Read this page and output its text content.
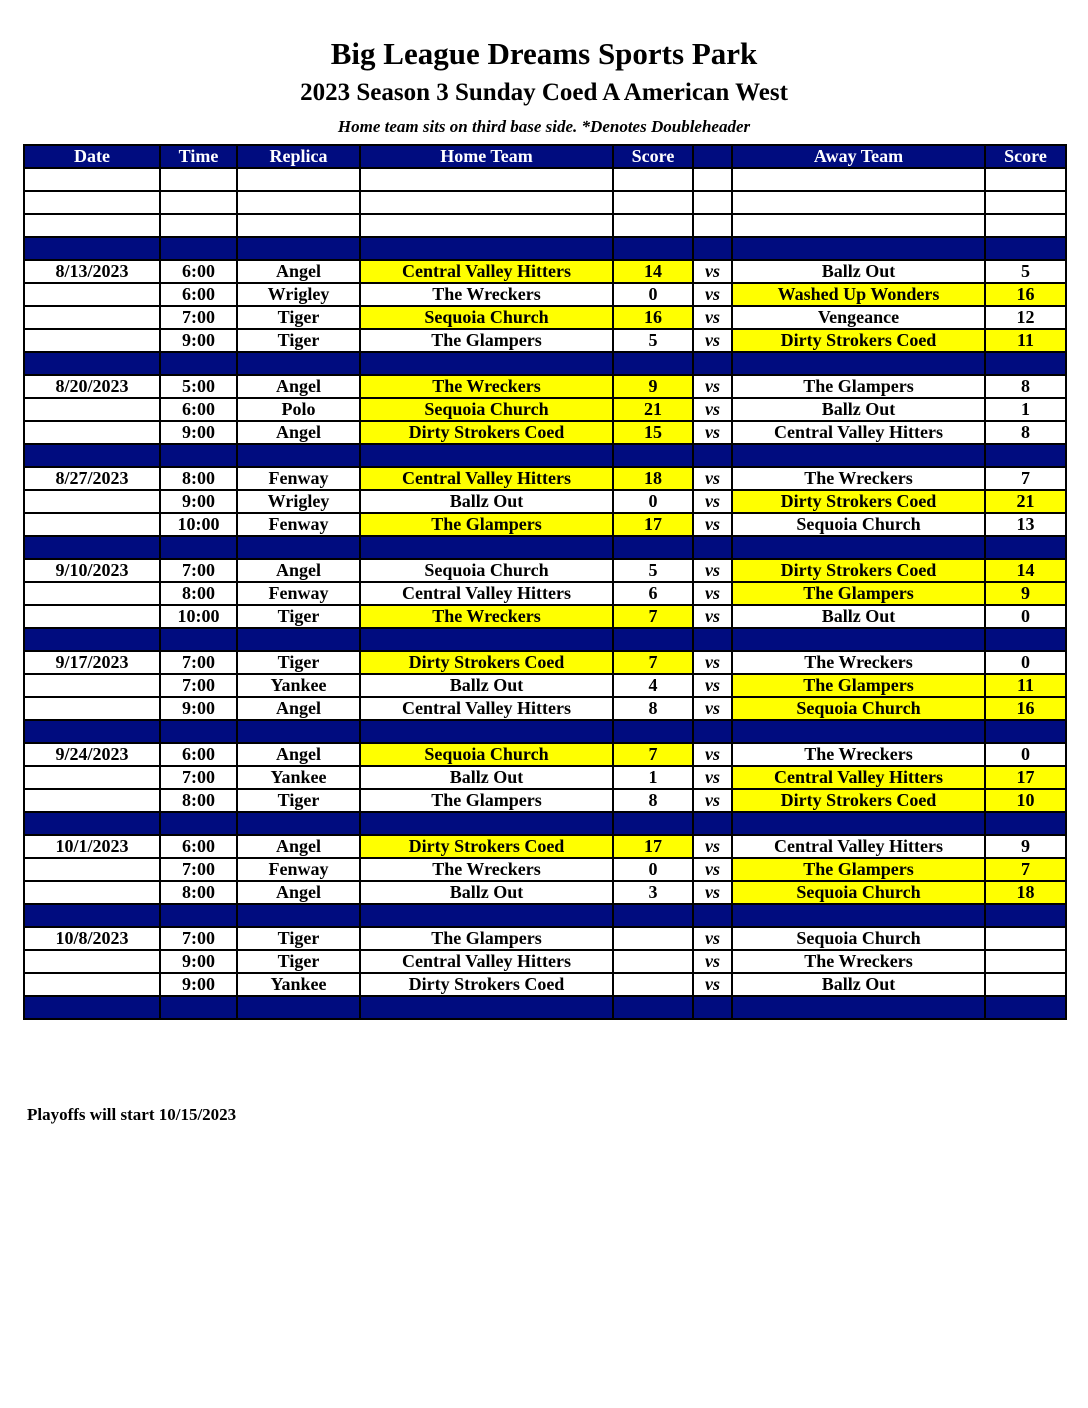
Big League Dreams Sports Park
2023 Season 3 Sunday Coed A American West
Home team sits on third base side. *Denotes Doubleheader
Date	Time	Replica	Home Team	Score		Away Team	Score

8/13/2023	6:00	Angel	Central Valley Hitters	14	vs	Ballz Out	5
	6:00	Wrigley	The Wreckers	0	vs	Washed Up Wonders	16
	7:00	Tiger	Sequoia Church	16	vs	Vengeance	12
	9:00	Tiger	The Glampers	5	vs	Dirty Strokers Coed	11

8/20/2023	5:00	Angel	The Wreckers	9	vs	The Glampers	8
	6:00	Polo	Sequoia Church	21	vs	Ballz Out	1
	9:00	Angel	Dirty Strokers Coed	15	vs	Central Valley Hitters	8

8/27/2023	8:00	Fenway	Central Valley Hitters	18	vs	The Wreckers	7
	9:00	Wrigley	Ballz Out	0	vs	Dirty Strokers Coed	21
	10:00	Fenway	The Glampers	17	vs	Sequoia Church	13

9/10/2023	7:00	Angel	Sequoia Church	5	vs	Dirty Strokers Coed	14
	8:00	Fenway	Central Valley Hitters	6	vs	The Glampers	9
	10:00	Tiger	The Wreckers	7	vs	Ballz Out	0

9/17/2023	7:00	Tiger	Dirty Strokers Coed	7	vs	The Wreckers	0
	7:00	Yankee	Ballz Out	4	vs	The Glampers	11
	9:00	Angel	Central Valley Hitters	8	vs	Sequoia Church	16

9/24/2023	6:00	Angel	Sequoia Church	7	vs	The Wreckers	0
	7:00	Yankee	Ballz Out	1	vs	Central Valley Hitters	17
	8:00	Tiger	The Glampers	8	vs	Dirty Strokers Coed	10

10/1/2023	6:00	Angel	Dirty Strokers Coed	17	vs	Central Valley Hitters	9
	7:00	Fenway	The Wreckers	0	vs	The Glampers	7
	8:00	Angel	Ballz Out	3	vs	Sequoia Church	18

10/8/2023	7:00	Tiger	The Glampers		vs	Sequoia Church	
	9:00	Tiger	Central Valley Hitters		vs	The Wreckers	
	9:00	Yankee	Dirty Strokers Coed		vs	Ballz Out	

Playoffs will start 10/15/2023
